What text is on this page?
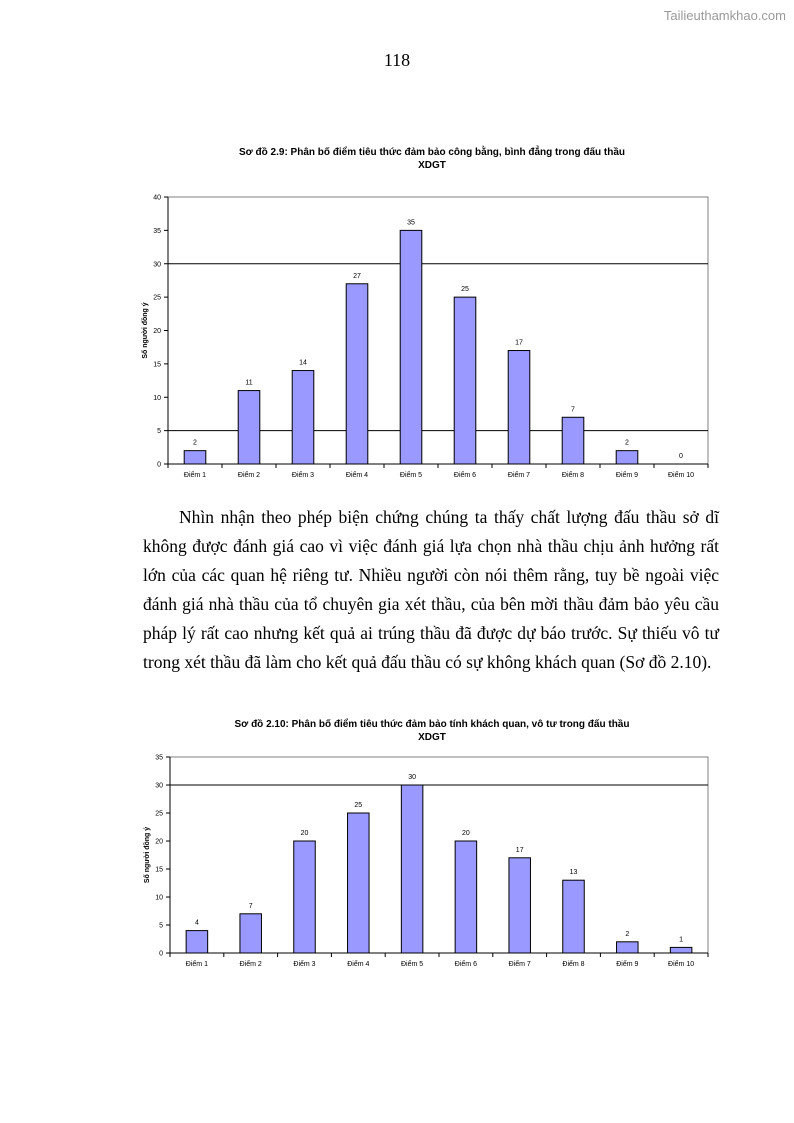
Tailieuthamkhao.com
118
Sơ đồ 2.9: Phân bố điểm tiêu thức đảm bảo công bằng, bình đẳng trong đấu thầu
XDGT
0
5
10
15
20
25
30
35
40
2
Điểm 1
11
Điểm 2
14
Điểm 3
27
Điểm 4
35
Điểm 5
25
Điểm 6
17
Điểm 7
7
Điểm 8
2
Điểm 9
0
Điểm 10
Số người đồng ý

Nhìn nhận theo phép biện chứng chúng ta thấy chất lượng đấu thầu sở dĩ không được đánh giá cao vì việc đánh giá lựa chọn nhà thầu chịu ảnh hưởng rất lớn của các quan hệ riêng tư. Nhiều người còn nói thêm rằng, tuy bề ngoài việc đánh giá nhà thầu của tổ chuyên gia xét thầu, của bên mời thầu đảm bảo yêu cầu pháp lý rất cao nhưng kết quả ai trúng thầu đã được dự báo trước. Sự thiếu vô tư trong xét thầu đã làm cho kết quả đấu thầu có sự không khách quan (Sơ đồ 2.10).

Sơ đồ 2.10: Phân bố điểm tiêu thức đảm bảo tính khách quan, vô tư trong đấu thầu
XDGT
0
5
10
15
20
25
30
35
4
Điểm 1
7
Điểm 2
20
Điểm 3
25
Điểm 4
30
Điểm 5
20
Điểm 6
17
Điểm 7
13
Điểm 8
2
Điểm 9
1
Điểm 10
Số người đồng ý
